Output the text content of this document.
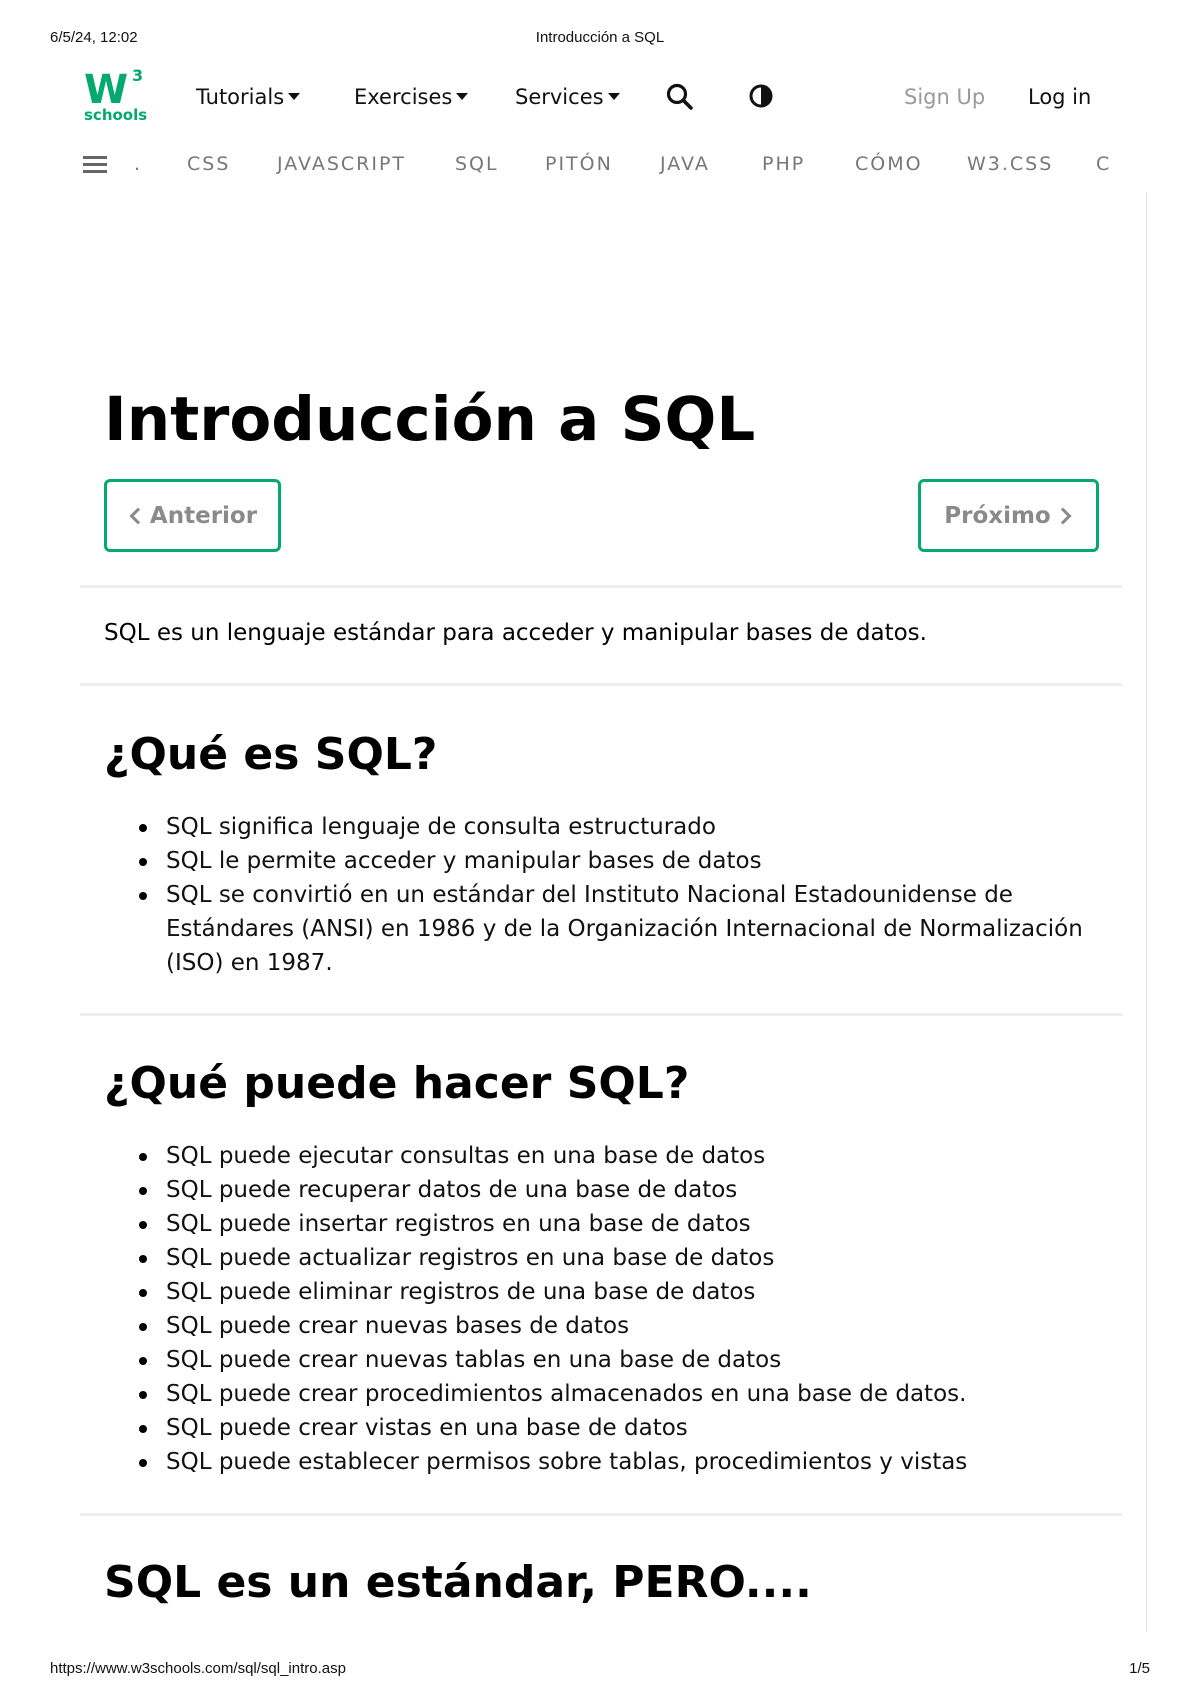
6/5/24, 12:02	Introducción a SQL
https://www.w3schools.com/sql/sql_intro.asp	1/5
W 3
schools
Tutorials	Exercises	Services	Sign Up Log in
. CSS JAVASCRIPT	SQL PITÓN JAVA	PHP	CÓMO W3.CSS C
Introducción a SQL
Anterior	Próximo

SQL es un lenguaje estándar para acceder y manipular bases de datos.

¿Qué es SQL?
SQL significa lenguaje de consulta estructurado
SQL le permite acceder y manipular bases de datos
SQL se convirtió en un estándar del Instituto Nacional Estadounidense de Estándares (ANSI) en 1986 y de la Organización Internacional de Normalización (ISO) en 1987.
¿Qué puede hacer SQL?
SQL puede ejecutar consultas en una base de datos
SQL puede recuperar datos de una base de datos
SQL puede insertar registros en una base de datos
SQL puede actualizar registros en una base de datos
SQL puede eliminar registros de una base de datos
SQL puede crear nuevas bases de datos
SQL puede crear nuevas tablas en una base de datos
SQL puede crear procedimientos almacenados en una base de datos.
SQL puede crear vistas en una base de datos
SQL puede establecer permisos sobre tablas, procedimientos y vistas
SQL es un estándar, PERO....
